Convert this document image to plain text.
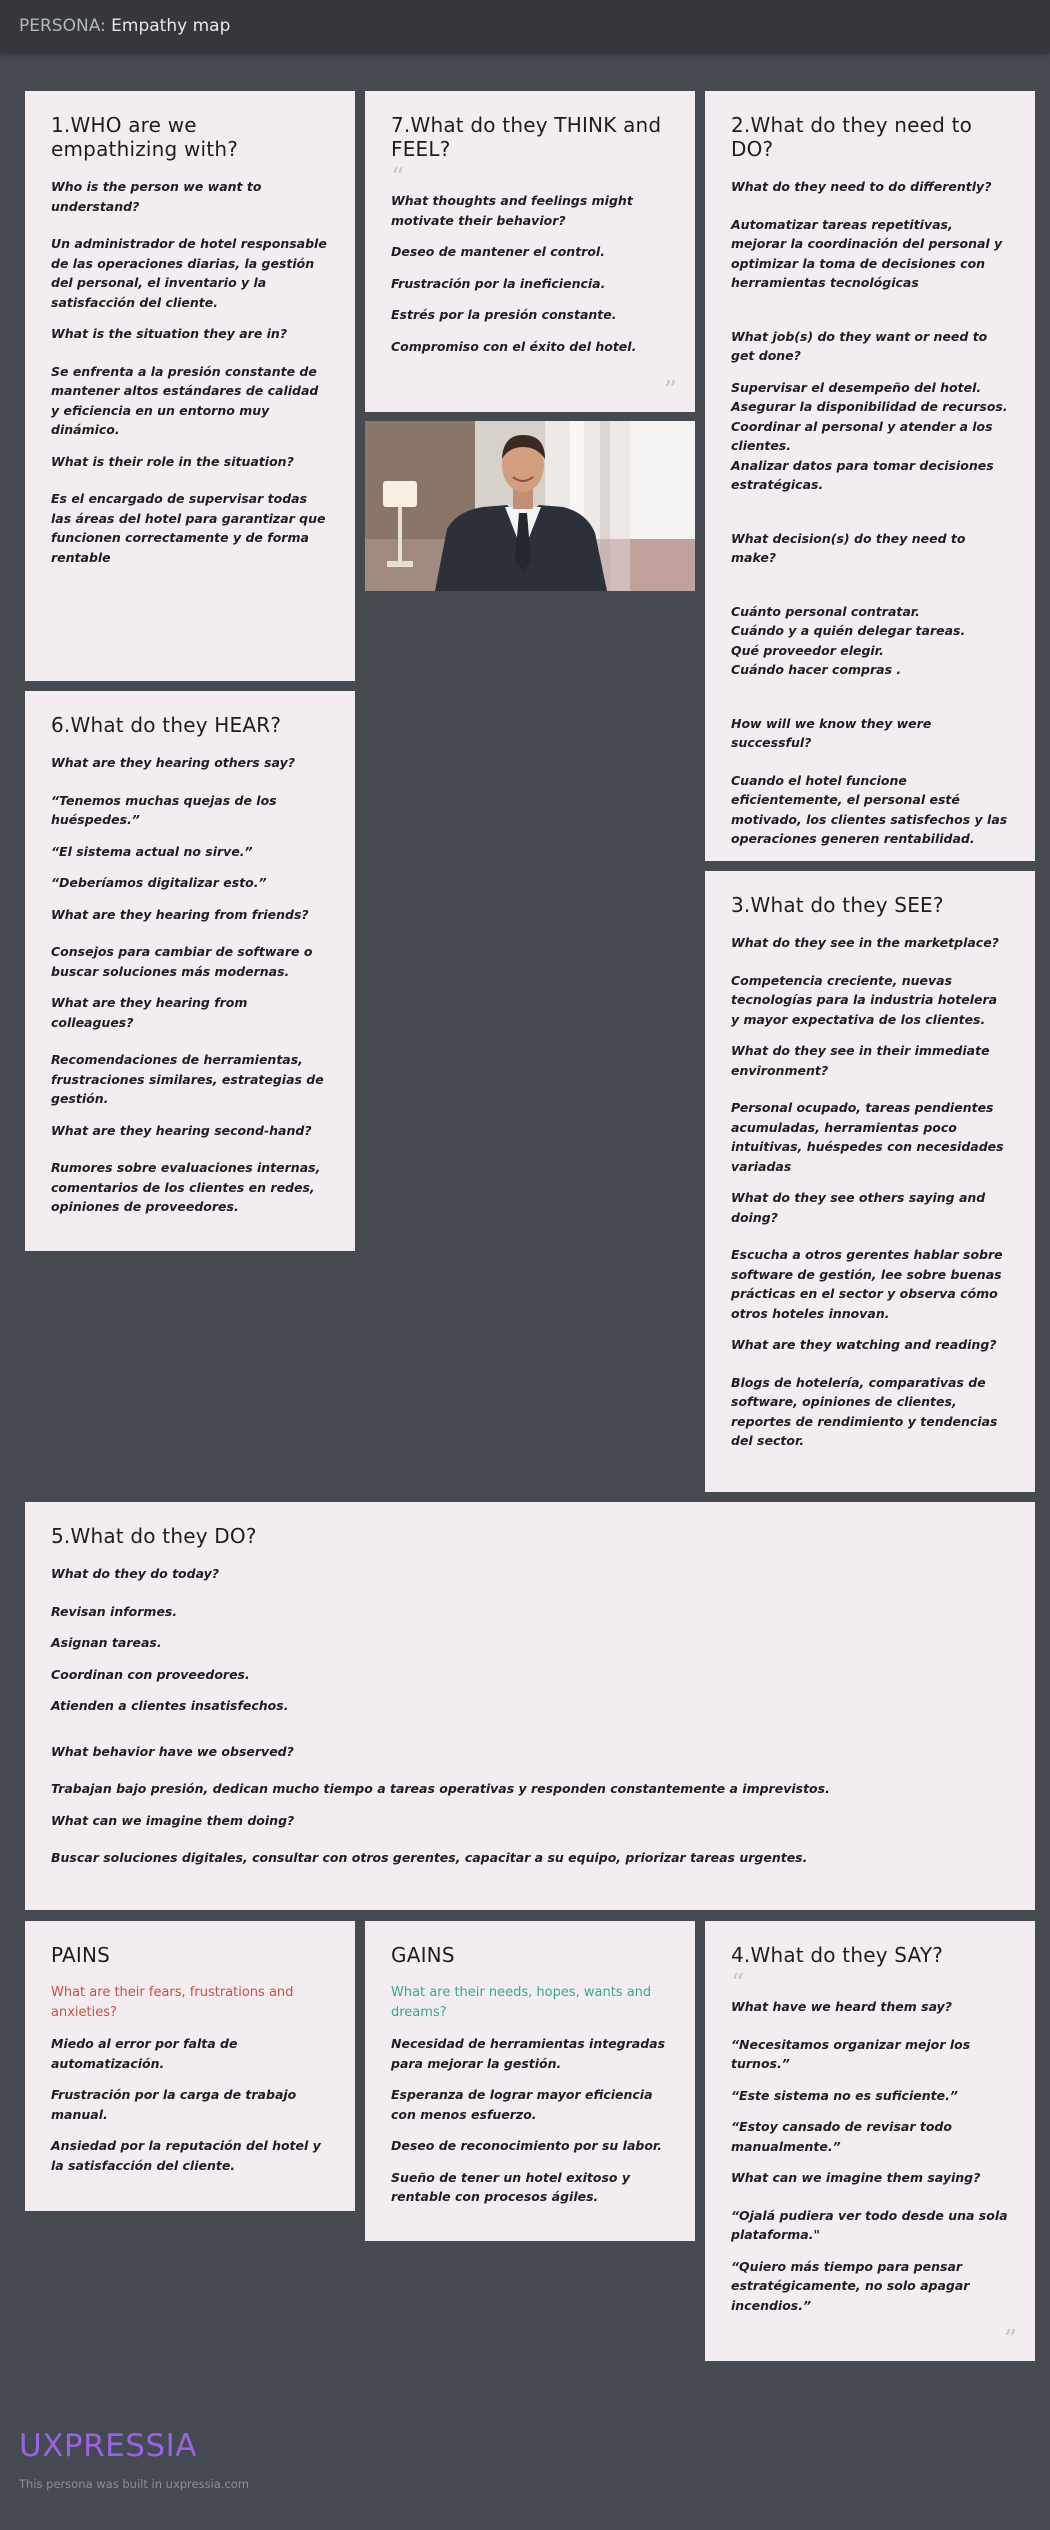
PERSONA: Empathy map
1.WHO are we empathizing with?

Who is the person we want to understand?

Un administrador de hotel responsable de las operaciones diarias, la gestión del personal, el inventario y la satisfacción del cliente.

What is the situation they are in?

Se enfrenta a la presión constante de mantener altos estándares de calidad y eficiencia en un entorno muy dinámico.

What is their role in the situation?

Es el encargado de supervisar todas las áreas del hotel para garantizar que funcionen correctamente y de forma rentable

7.What do they THINK and FEEL?
“

What thoughts and feelings might motivate their behavior?

Deseo de mantener el control.

Frustración por la ineficiencia.

Estrés por la presión constante.

Compromiso con el éxito del hotel.

”
2.What do they need to DO?

What do they need to do differently?

Automatizar tareas repetitivas, mejorar la coordinación del personal y optimizar la toma de decisiones con herramientas tecnológicas

What job(s) do they want or need to get done?

Supervisar el desempeño del hotel.
Asegurar la disponibilidad de recursos.
Coordinar al personal y atender a los clientes.
Analizar datos para tomar decisiones estratégicas.

What decision(s) do they need to make?

Cuánto personal contratar.
Cuándo y a quién delegar tareas.
Qué proveedor elegir.
Cuándo hacer compras .

How will we know they were successful?

Cuando el hotel funcione eficientemente, el personal esté motivado, los clientes satisfechos y las operaciones generen rentabilidad.

6.What do they HEAR?

What are they hearing others say?

“Tenemos muchas quejas de los huéspedes.”

“El sistema actual no sirve.”

“Deberíamos digitalizar esto.”

What are they hearing from friends?

Consejos para cambiar de software o buscar soluciones más modernas.

What are they hearing from colleagues?

Recomendaciones de herramientas, frustraciones similares, estrategias de gestión.

What are they hearing second-hand?

Rumores sobre evaluaciones internas, comentarios de los clientes en redes, opiniones de proveedores.

3.What do they SEE?

What do they see in the marketplace?

Competencia creciente, nuevas tecnologías para la industria hotelera y mayor expectativa de los clientes.

What do they see in their immediate environment?

Personal ocupado, tareas pendientes acumuladas, herramientas poco intuitivas, huéspedes con necesidades variadas

What do they see others saying and doing?

Escucha a otros gerentes hablar sobre software de gestión, lee sobre buenas prácticas en el sector y observa cómo otros hoteles innovan.

What are they watching and reading?

Blogs de hotelería, comparativas de software, opiniones de clientes, reportes de rendimiento y tendencias del sector.

5.What do they DO?

What do they do today?

Revisan informes.

Asignan tareas.

Coordinan con proveedores.

Atienden a clientes insatisfechos.

What behavior have we observed?

Trabajan bajo presión, dedican mucho tiempo a tareas operativas y responden constantemente a imprevistos.

What can we imagine them doing?

Buscar soluciones digitales, consultar con otros gerentes, capacitar a su equipo, priorizar tareas urgentes.

PAINS

What are their fears, frustrations and anxieties?

Miedo al error por falta de automatización.

Frustración por la carga de trabajo manual.

Ansiedad por la reputación del hotel y la satisfacción del cliente.

GAINS

What are their needs, hopes, wants and dreams?

Necesidad de herramientas integradas para mejorar la gestión.

Esperanza de lograr mayor eficiencia con menos esfuerzo.

Deseo de reconocimiento por su labor.

Sueño de tener un hotel exitoso y rentable con procesos ágiles.

4.What do they SAY?
“

What have we heard them say?

“Necesitamos organizar mejor los turnos.”

“Este sistema no es suficiente.”

“Estoy cansado de revisar todo manualmente.”

What can we imagine them saying?

“Ojalá pudiera ver todo desde una sola plataforma."

“Quiero más tiempo para pensar estratégicamente, no solo apagar incendios.”

”
UXPRESSIA
This persona was built in uxpressia.com
